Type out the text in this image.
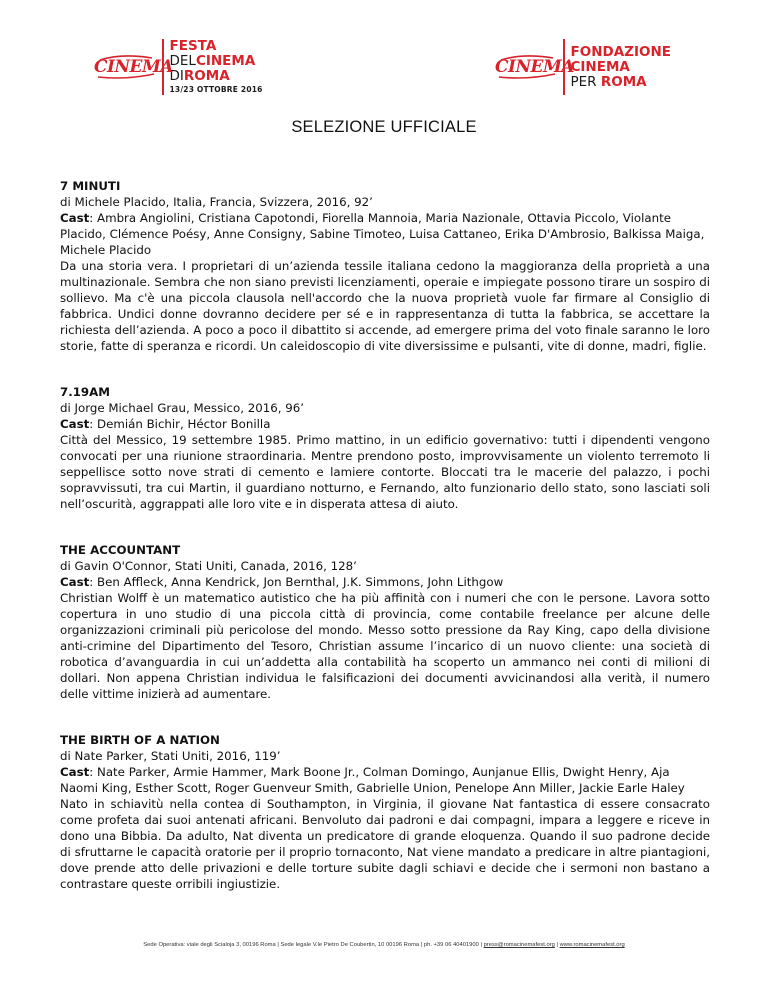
CINEMA
FESTA
DELCINEMA
DIROMA
13/23 OTTOBRE 2016
CINEMA
FONDAZIONE
CINEMA
PER ROMA
SELEZIONE UFFICIALE
7 MINUTI
di Michele Placido, Italia, Francia, Svizzera, 2016, 92’
Cast: Ambra Angiolini, Cristiana Capotondi, Fiorella Mannoia, Maria Nazionale, Ottavia Piccolo, Violante Placido, Clémence Poésy, Anne Consigny, Sabine Timoteo, Luisa Cattaneo, Erika D'Ambrosio, Balkissa Maiga, Michele Placido
Da una storia vera. I proprietari di un’azienda tessile italiana cedono la maggioranza della proprietà a una multinazionale. Sembra che non siano previsti licenziamenti, operaie e impiegate possono tirare un sospiro di sollievo. Ma c'è una piccola clausola nell'accordo che la nuova proprietà vuole far firmare al Consiglio di fabbrica. Undici donne dovranno decidere per sé e in rappresentanza di tutta la fabbrica, se accettare la richiesta dell’azienda. A poco a poco il dibattito si accende, ad emergere prima del voto finale saranno le loro storie, fatte di speranza e ricordi. Un caleidoscopio di vite diversissime e pulsanti, vite di donne, madri, figlie.
7.19AM
di Jorge Michael Grau, Messico, 2016, 96’
Cast: Demián Bichir, Héctor Bonilla
Città del Messico, 19 settembre 1985. Primo mattino, in un edificio governativo: tutti i dipendenti vengono convocati per una riunione straordinaria. Mentre prendono posto, improvvisamente un violento terremoto li seppellisce sotto nove strati di cemento e lamiere contorte. Bloccati tra le macerie del palazzo, i pochi sopravvissuti, tra cui Martin, il guardiano notturno, e Fernando, alto funzionario dello stato, sono lasciati soli nell’oscurità, aggrappati alle loro vite e in disperata attesa di aiuto.
THE ACCOUNTANT
di Gavin O'Connor, Stati Uniti, Canada, 2016, 128’
Cast: Ben Affleck, Anna Kendrick, Jon Bernthal, J.K. Simmons, John Lithgow
Christian Wolff è un matematico autistico che ha più affinità con i numeri che con le persone. Lavora sotto copertura in uno studio di una piccola città di provincia, come contabile freelance per alcune delle organizzazioni criminali più pericolose del mondo. Messo sotto pressione da Ray King, capo della divisione anti-crimine del Dipartimento del Tesoro, Christian assume l’incarico di un nuovo cliente: una società di robotica d’avanguardia in cui un’addetta alla contabilità ha scoperto un ammanco nei conti di milioni di dollari. Non appena Christian individua le falsificazioni dei documenti avvicinandosi alla verità, il numero delle vittime inizierà ad aumentare.
THE BIRTH OF A NATION
di Nate Parker, Stati Uniti, 2016, 119’
Cast: Nate Parker, Armie Hammer, Mark Boone Jr., Colman Domingo, Aunjanue Ellis, Dwight Henry, Aja Naomi King, Esther Scott, Roger Guenveur Smith, Gabrielle Union, Penelope Ann Miller, Jackie Earle Haley
Nato in schiavitù nella contea di Southampton, in Virginia, il giovane Nat fantastica di essere consacrato come profeta dai suoi antenati africani. Benvoluto dai padroni e dai compagni, impara a leggere e riceve in dono una Bibbia. Da adulto, Nat diventa un predicatore di grande eloquenza. Quando il suo padrone decide di sfruttarne le capacità oratorie per il proprio tornaconto, Nat viene mandato a predicare in altre piantagioni, dove prende atto delle privazioni e delle torture subite dagli schiavi e decide che i sermoni non bastano a contrastare queste orribili ingiustizie.
Sede Operativa: viale degli Scialoja 3, 00196 Roma | Sede legale V.le Pietro De Coubertin, 10 00196 Roma | ph. +39 06 40401900 | press@romacinemafest.org | www.romacinemafest.org
